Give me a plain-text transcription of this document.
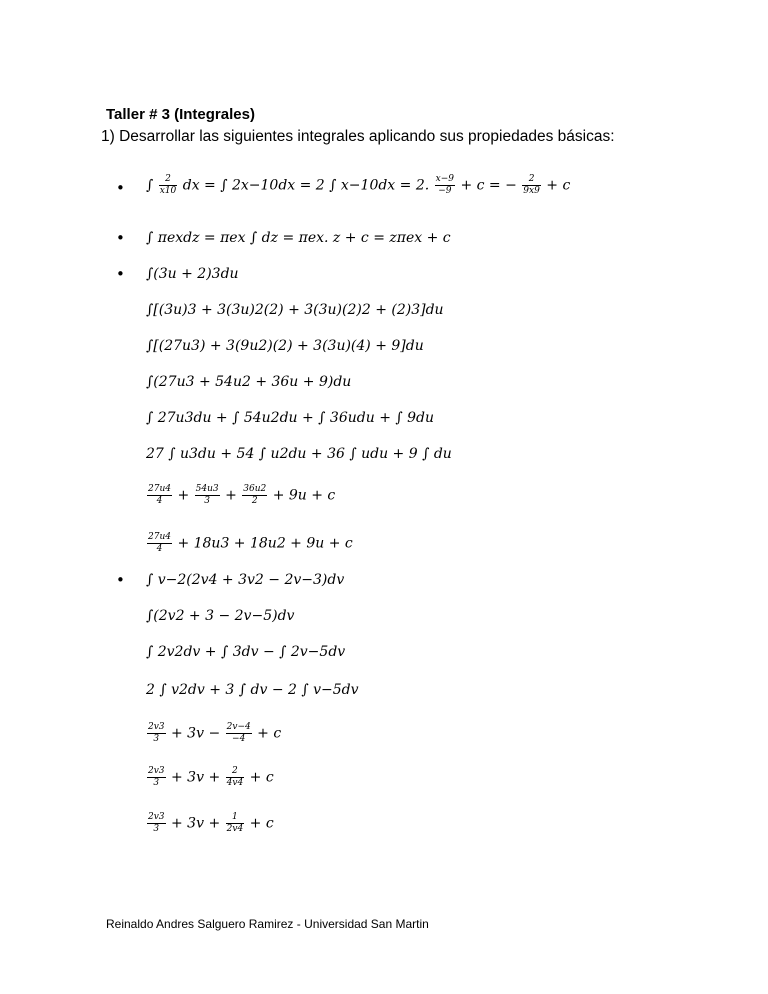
Taller # 3 (Integrales)
1) Desarrollar las siguientes integrales aplicando sus propiedades básicas:
• ∫ $\frac{2}{x10}$ dx = ∫ 2x−10dx = 2 ∫ x−10dx = 2. $\frac{x-9}{-9} + c$ = − $\frac{2}{9x9} + c$
• ∫ πexdz = πex ∫ dz = πex. z + c = zπex + c
• ∫(3u + 2)3du
∫[(3u)3 + 3(3u)2(2) + 3(3u)(2)2 + (2)3]du
∫[(27u3) + 3(9u2)(2) + 3(3u)(4) + 9]du
∫(27u3 + 54u2 + 36u + 9)du
∫ 27u3du + ∫ 54u2du + ∫ 36udu + ∫ 9du
27 ∫ u3du + 54 ∫ u2du + 36 ∫ udu + 9 ∫ du
$\frac{27u4}{4} + \frac{54u3}{3} + \frac{36u2}{2} + 9u + c$
$\frac{27u4}{4} + 18u3 + 18u2 + 9u + c$
• ∫ v−2(2v4 + 3v2 − 2v−3)dv
∫(2v2 + 3 − 2v−5)dv
∫ 2v2dv + ∫ 3dv − ∫ 2v−5dv
2 ∫ v2dv + 3 ∫ dv − 2 ∫ v−5dv
$\frac{2v3}{3} + 3v - \frac{2v-4}{-4} + c$
$\frac{2v3}{3} + 3v + \frac{2}{4v4} + c$
$\frac{2v3}{3} + 3v + \frac{1}{2v4} + c$
Reinaldo Andres Salguero Ramirez - Universidad San Martin
